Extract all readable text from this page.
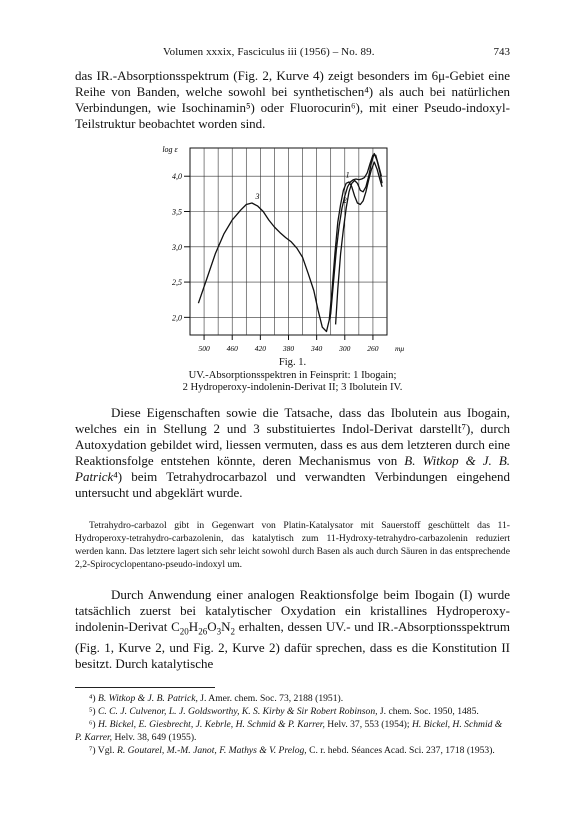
Volumen xxxix, Fasciculus iii (1956) – No. 89.	743

das IR.-Absorptionsspektrum (Fig. 2, Kurve 4) zeigt besonders im 6μ-Gebiet eine Reihe von Banden, welche sowohl bei synthetischen⁴) als auch bei natürlichen Verbindungen, wie Isochinamin⁵) oder Fluorocurin⁶), mit einer Pseudo-indoxyl-Teilstruktur beobachtet worden sind.

2,0
2,5
3,0
3,5
4,0
500 460 420 380 340 300 260 mμ
log ε
1
2
3
Fig. 1.
UV.-Absorptionsspektren in Feinsprit: 1 Ibogain;
2 Hydroperoxy-indolenin-Derivat II; 3 Ibolutein IV.

Diese Eigenschaften sowie die Tatsache, dass das Ibolutein aus Ibogain, welches ein in Stellung 2 und 3 substituiertes Indol-Derivat darstellt⁷), durch Autoxydation gebildet wird, liessen vermuten, dass es aus dem letzteren durch eine Reaktionsfolge entstehen könnte, deren Mechanismus von B. Witkop & J. B. Patrick⁴) beim Tetrahydrocarbazol und verwandten Verbindungen eingehend untersucht und abgeklärt wurde.

Tetrahydro-carbazol gibt in Gegenwart von Platin-Katalysator mit Sauerstoff geschüttelt das 11-Hydroperoxy-tetrahydro-carbazolenin, das katalytisch zum 11-Hydroxy-tetrahydro-carbazolenin reduziert werden kann. Das letztere lagert sich sehr leicht sowohl durch Basen als auch durch Säuren in das entsprechende 2,2-Spirocyclopentano-pseudo-indoxyl um.

Durch Anwendung einer analogen Reaktionsfolge beim Ibogain (I) wurde tatsächlich zuerst bei katalytischer Oxydation ein kristallines Hydroperoxy-indolenin-Derivat $C_{20}H_{26}O_3N_2$ erhalten, dessen UV.- und IR.-Absorptionsspektrum (Fig. 1, Kurve 2, und Fig. 2, Kurve 2) dafür sprechen, dass es die Konstitution II besitzt. Durch katalytische

⁴) B. Witkop & J. B. Patrick, J. Amer. chem. Soc. 73, 2188 (1951).

⁵) C. C. J. Culvenor, L. J. Goldsworthy, K. S. Kirby & Sir Robert Robinson, J. chem. Soc. 1950, 1485.

⁶) H. Bickel, E. Giesbrecht, J. Kebrle, H. Schmid & P. Karrer, Helv. 37, 553 (1954); H. Bickel, H. Schmid & P. Karrer, Helv. 38, 649 (1955).

⁷) Vgl. R. Goutarel, M.-M. Janot, F. Mathys & V. Prelog, C. r. hebd. Séances Acad. Sci. 237, 1718 (1953).
